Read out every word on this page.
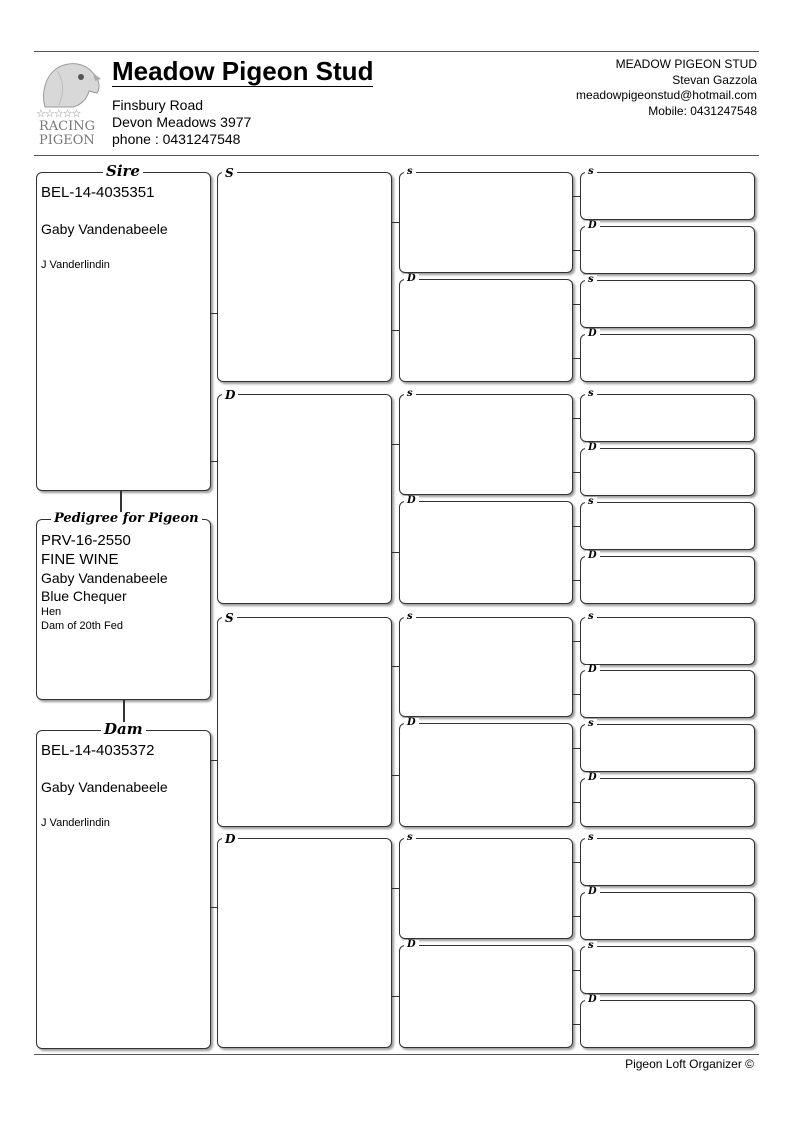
☆☆☆☆☆
RACING
PIGEON
Meadow Pigeon Stud
Finsbury Road
Devon Meadows 3977
phone : 0431247548
MEADOW PIGEON STUD
Stevan Gazzola
meadowpigeonstud@hotmail.com
Mobile: 0431247548
Sire
BEL-14-4035351
Gaby Vandenabeele
J Vanderlindin
Pedigree for Pigeon
PRV-16-2550
FINE WINE
Gaby Vandenabeele
Blue Chequer
Hen
Dam of 20th Fed
Dam
BEL-14-4035372
Gaby Vandenabeele
J Vanderlindin
S
D
S
D
s
D
s
D
s
D
s
D
s
D
s
D
s
D
s
D
s
D
s
D
s
D
s
D
Pigeon Loft Organizer ©
